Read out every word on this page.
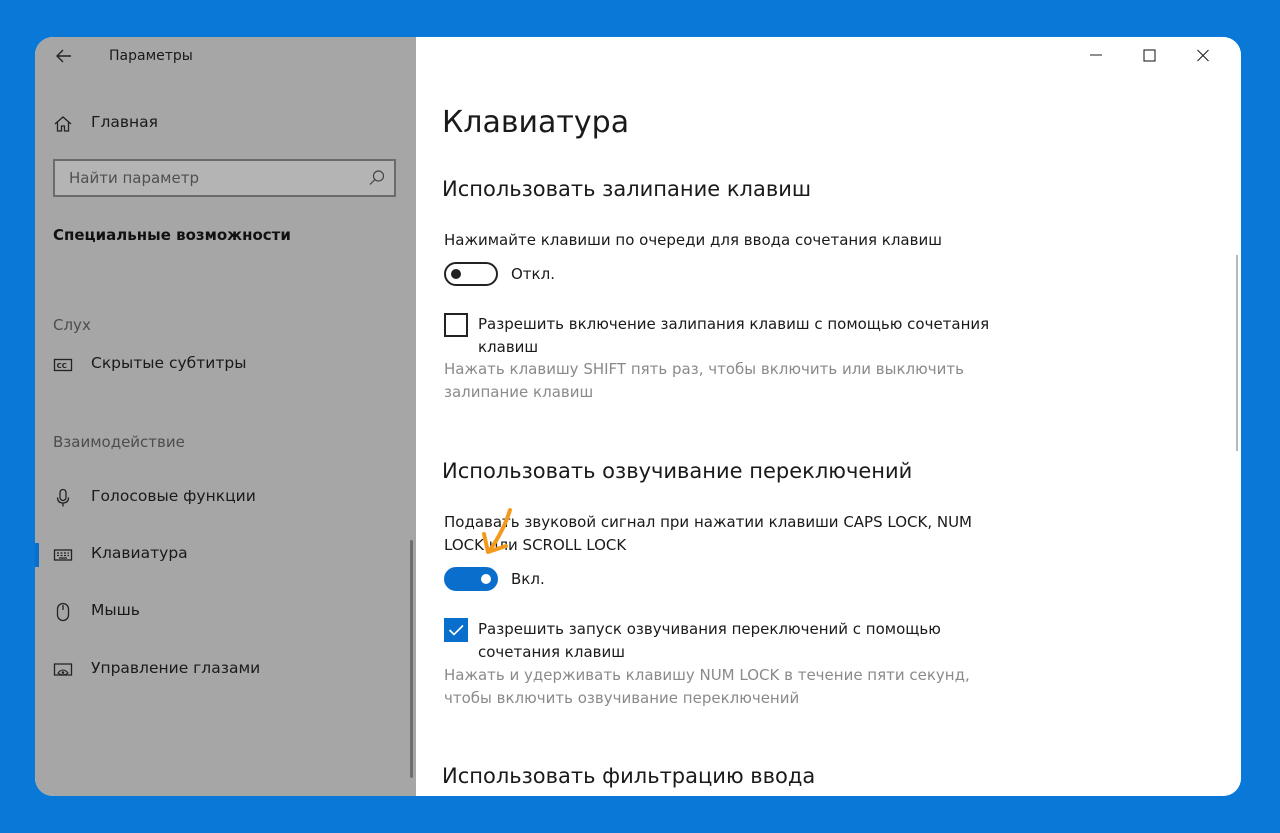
Параметры
Главная
Найти параметр
Специальные возможности
Слух
CC Скрытые субтитры
Взаимодействие
Голосовые функции
Клавиатура
Мышь
Управление глазами
Клавиатура
Использовать залипание клавиш
Нажимайте клавиши по очереди для ввода сочетания клавиш
Откл.
Разрешить включение залипания клавиш с помощью сочетания клавиш
Нажать клавишу SHIFT пять раз, чтобы включить или выключить залипание клавиш
Использовать озвучивание переключений
Подавать звуковой сигнал при нажатии клавиши CAPS LOCK, NUM LOCK или SCROLL LOCK
Вкл.
Разрешить запуск озвучивания переключений с помощью сочетания клавиш
Нажать и удерживать клавишу NUM LOCK в течение пяти секунд, чтобы включить озвучивание переключений
Использовать фильтрацию ввода
